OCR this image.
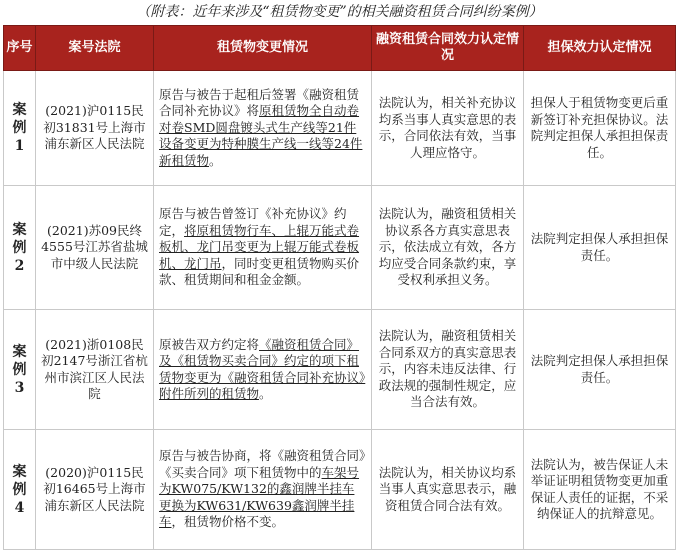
（附表：近年来涉及“租赁物变更”的相关融资租赁合同纠纷案例）
序号	案号法院	租赁物变更情况	融资租赁合同效力认定情况	担保效力认定情况

案
例
1	(2021)沪0115民初31831号上海市浦东新区人民法院	原告与被告于起租后签署《融资租赁合同补充协议》将原租赁物全自动卷对卷SMD圆盘镀头式生产线等21件设备变更为特种膜生产线一线等24件新租赁物。	法院认为，相关补充协议均系当事人真实意思的表示，合同依法有效，当事人理应恪守。	担保人于租赁物变更后重新签订补充担保协议。法院判定担保人承担担保责任。

案
例
2	(2021)苏09民终4555号江苏省盐城市中级人民法院	原告与被告曾签订《补充协议》约定，将原租赁物行车、上辊万能式卷板机、龙门吊变更为上辊万能式卷板机、龙门吊，同时变更租赁物购买价款、租赁期间和租金金额。	法院认为，融资租赁相关协议系各方真实意思表示，依法成立有效，各方均应受合同条款约束，享受权利承担义务。	法院判定担保人承担担保责任。

案
例
3	(2021)浙0108民初2147号浙江省杭州市滨江区人民法院	原被告双方约定将《融资租赁合同》及《租赁物买卖合同》约定的项下租赁物变更为《融资租赁合同补充协议》附件所列的租赁物。	法院认为，融资租赁相关合同系双方的真实意思表示，内容未违反法律、行政法规的强制性规定，应当合法有效。	法院判定担保人承担担保责任。

案
例
4	(2020)沪0115民初16465号上海市浦东新区人民法院	原告与被告协商，将《融资租赁合同》《买卖合同》项下租赁物中的车架号为KW075/KW132的鑫润牌半挂车更换为KW631/KW639鑫润牌半挂车，租赁物价格不变。	法院认为，相关协议均系当事人真实意思表示，融资租赁合同合法有效。	法院认为，被告保证人未举证证明租赁物变更加重保证人责任的证据，不采纳保证人的抗辩意见。
